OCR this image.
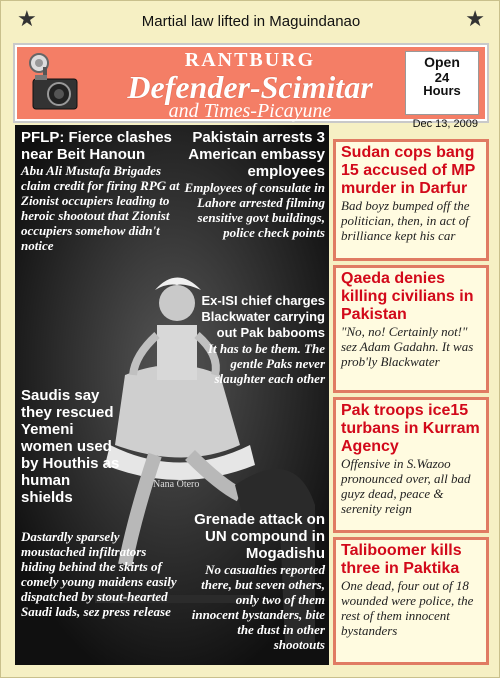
★	Martial law lifted in Maguindanao	★
RANTBURG
Defender-Scimitar
and Times-Picayune
Open
24
Hours
Dec 13, 2009
PFLP: Fierce clashes near Beit Hanoun
Abu Ali Mustafa Brigades claim credit for firing RPG at Zionist occupiers leading to heroic shootout that Zionist occupiers somehow didn't notice
Pakistain arrests 3 American embassy employees
Employees of consulate in Lahore arrested filming sensitive govt buildings, police check points
Ex-ISI chief charges Blackwater carrying out Pak babooms
It has to be them. The gentle Paks never slaughter each other
Saudis say they rescued Yemeni women used by Houthis as human shields
Dastardly sparsely moustached infiltrators hiding behind the skirts of comely young maidens easily dispatched by stout-hearted Saudi lads, sez press release
Grenade attack on UN compound in Mogadishu
No casualties reported there, but seven others, only two of them innocent bystanders, bite the dust in other shootouts
Nana Otero
Sudan cops bang 15 accused of MP murder in Darfur
Bad boyz bumped off the politician, then, in act of brilliance kept his car
Qaeda denies killing civilians in Pakistan
"No, no! Certainly not!" sez Adam Gadahn. It was prob'ly Blackwater
Pak troops ice15 turbans in Kurram Agency
Offensive in S.Wazoo pronounced over, all bad guyz dead, peace & serenity reign
Taliboomer kills three in Paktika
One dead, four out of 18 wounded were police, the rest of them innocent bystanders
